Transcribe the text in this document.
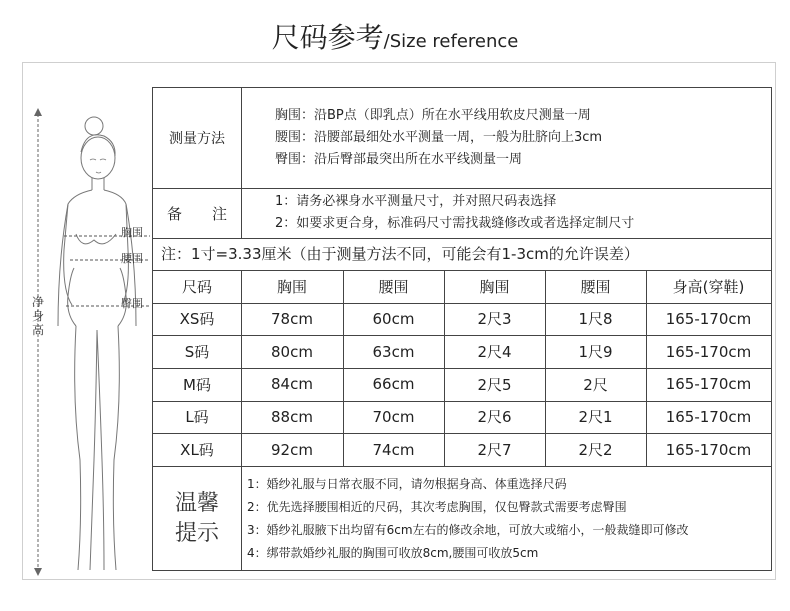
尺码参考/Size reference
净身高
胸围
腰围
臀围
测量方法
胸围：沿BP点（即乳点）所在水平线用软皮尺测量一周
腰围：沿腰部最细处水平测量一周，一般为肚脐向上3cm
臀围：沿后臀部最突出所在水平线测量一周
备 注
1：请务必裸身水平测量尺寸，并对照尺码表选择
2：如要求更合身，标准码尺寸需找裁缝修改或者选择定制尺寸
注：1寸=3.33厘米（由于测量方法不同，可能会有1-3cm的允许误差）
尺码	胸围	腰围	胸围	腰围	身高(穿鞋)
XS码	78cm	60cm	2尺3	1尺8	165-170cm
S码	80cm	63cm	2尺4	1尺9	165-170cm
M码	84cm	66cm	2尺5	2尺	165-170cm
L码	88cm	70cm	2尺6	2尺1	165-170cm
XL码	92cm	74cm	2尺7	2尺2	165-170cm
温馨
提示
1：婚纱礼服与日常衣服不同，请勿根据身高、体重选择尺码
2：优先选择腰围相近的尺码，其次考虑胸围，仅包臀款式需要考虑臀围
3：婚纱礼服腋下出均留有6cm左右的修改余地，可放大或缩小，一般裁缝即可修改
4：绑带款婚纱礼服的胸围可收放8cm,腰围可收放5cm
